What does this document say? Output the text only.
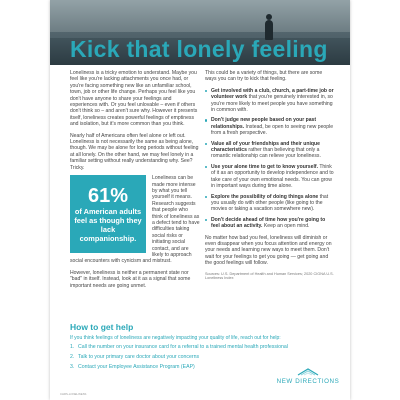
Kick that lonely feeling

Loneliness is a tricky emotion to understand. Maybe you feel like you're lacking attachments you once had, or you're facing something new like an unfamiliar school, town, job or other life change. Perhaps you feel like you don't have anyone to share your feelings and experiences with. Or you feel unlovable – even if others don't think so – and aren't sure why. However it presents itself, loneliness creates powerful feelings of emptiness and isolation, but it's more common than you think.

Nearly half of Americans often feel alone or left out. Loneliness is not necessarily the same as being alone, though. We may be alone for long periods without feeling at all lonely. On the other hand, we may feel lonely in a familiar setting without really understanding why. See? Tricky.

61%
of American adults feel as though they lack companionship.

Loneliness can be made more intense by what you tell yourself it means. Research suggests that people who think of loneliness as a defect tend to have difficulties taking social risks or initiating social contact, and are likely to approach social encounters with cynicism and mistrust.

However, loneliness is neither a permanent state nor "bad" in itself. Instead, look at it as a signal that some important needs are going unmet.

This could be a variety of things, but there are some ways you can try to kick that feeling.

Get involved with a club, church, a part-time job or volunteer work that you're genuinely interested in, so you're more likely to meet people you have something in common with.
Don't judge new people based on your past relationships. Instead, be open to seeing new people from a fresh perspective.
Value all of your friendships and their unique characteristics rather than believing that only a romantic relationship can relieve your loneliness.
Use your alone time to get to know yourself. Think of it as an opportunity to develop independence and to take care of your own emotional needs. You can grow in important ways during time alone.
Explore the possibility of doing things alone that you usually do with other people (like going to the movies or taking a vacation somewhere new).
Don't decide ahead of time how you're going to feel about an activity. Keep an open mind.

No matter how bad you feel, loneliness will diminish or even disappear when you focus attention and energy on your needs and learning new ways to meet them. Don't wait for your feelings to get you going — get going and the good feelings will follow.

Sources: U.S. Department of Health and Human Services; 2020 CIGNA U.S. Loneliness Index

How to get help
If you think feelings of loneliness are negatively impacting your quality of life, reach out for help:
1. Call the number on your insurance card for a referral to a trained mental health professional
2. Talk to your primary care doctor about your concerns
3. Contact your Employee Assistance Program (EAP)
NEW DIRECTIONS
CHRS-LONELINESS
